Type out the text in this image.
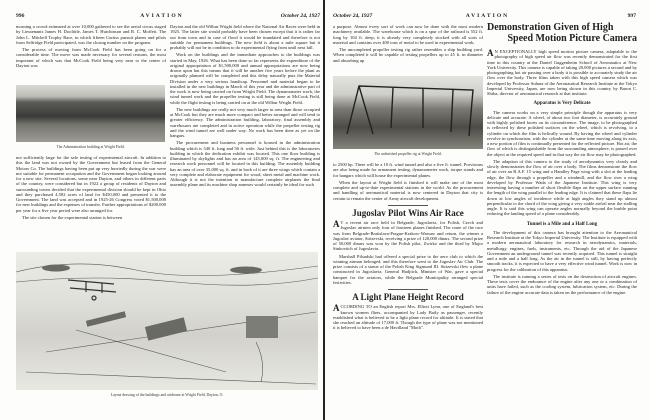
996	AVIATION	October 24, 1927

morning a crowd estimated at over 10,000 gathered to see the aerial circus staged by Lieutenants James H. Doolittle, James T. Hutchinson and R. C. Moffett. The John L. Mitchell Trophy Race, in which fifteen Curtiss pursuit planes and pilots from Selfridge Field participated, was the closing number on the program.

The process of moving from McCook Field has been going on for a considerable time. The move was made necessary for several reasons, the most important of which was that McCook Field being very near to the center of Dayton was

The Administration building at Wright Field.

not sufficiently large for the safe testing of experimental aircraft. In addition to this the land was not owned by the Government but leased from the General Motors Co. The buildings having been put up very hurriedly during the war were not suitable for permanent occupation and the Government began looking around for a new site. Several locations, some near Dayton, and others in different parts of the country, were considered but in 1922 a group of residents of Dayton and surrounding towns decided that the experimental division should be kept in Ohio and they purchased 4,582 acres of land for $450,000 and presented it to the Government. The land was accepted and in 1925-26 Congress voted $1,500,000 for new buildings and the expenses of transfer. Further appropriations of $200,000 per year for a five year period were also arranged for.

The site chosen for the experimental station is between

Dayton and the old Wilbur Wright field where the National Air Races were held in 1925. The latter site would probably have been chosen except that it is rather far out from town and in case of flood it would be inundated and therefore is not suitable for permanent buildings. The new field is about a mile square but it probably will not be in condition to do experimental flying from until next fall.

Work on the buildings and the immediate approaches to the buildings was started in May, 1926. What has been done so far represents the expenditure of the original appropriation of $1,500,000 and annual appropriations are now being drawn upon but this means that it will be another five years before the plant as originally planned will be completed and this delay naturally puts the Material Division under a very serious handicap. Personnel and material began to be installed in the new buildings in March of this year and the administrative part of the work is now being carried on from Wright Field. The dynamometer work, the wind tunnel work and the propeller testing is still being done at McCook Field, while the flight testing is being carried on at the old Wilbur Wright Field.

The new buildings are really not very much larger in area than those occupied at McCook but they are much more compact and better arranged and will tend to greater efficiency. The administration building, laboratory, final assembly and warehouses are completed and in active operation while the propeller testing rig and the wind tunnel are well under way. No work has been done as yet on the hangars.

The procurement and business personnel is housed in the administration building which is 540 ft. long and 56 ft. wide. Just behind this is the laboratories building in which the dedication exhibit was located. This one floor building is illuminated by skylights and has an area of 145,000 sq. ft. The engineering and research work personnel will be located in this building. The assembly building has an area of over 35,000 sq. ft. and in back of it are three wings which contain a very complete and elaborate equipment for wood, sheet metal and machine work. Although it is not the intention to manufacture complete airplanes the final assembly plane and its machine shop annexes would certainly be ideal for such

Layout drawing of the buildings and airdrome at Wright Field, Dayton, O.
October 24, 1927	AVIATION	997

a purpose. Almost every sort of work can now be done with the most modern machinery available. The warehouse which is on a spur of the railroad is 552 ft. long by 104 ft. deep; it is already very completely stocked with all sorts of material and contains over 400 tons of metal to be used in experimental work.

The uncompleted propeller testing rig rather resembles a ship building yard. When completed it will be capable of testing propellers up to 45 ft. in diameter and absorbing up

The unfinished propeller rig at Wright Field.

to 2500 hp. There will be a 10 ft. wind tunnel and also a five ft. tunnel. Provisions are also being made for armament testing, dynamometer work, torque stands and for hangars which will house the experimental planes.

When the layout at Wright field is finished it will make one of the most complete and up-to-date experimental stations in the world. As the procurement and handling of aeronautical material is now centered in Dayton that city is certain to remain the center of Army aircraft development.

Jugoslav Pilot Wins Air Race

A T a recent air race held in Belgrade, Jugoslavia, for Polish, Czech and Jugoslav airmen only four of fourteen planes finished. The route of the race was from Belgrade-Bratislava-Prague-Krakow-Warsaw and return, the winner a Jugoslav aviator, Strizevski, receiving a prize of 120,000 dinars. The second prize of 50,000 dinars was won by the Polish pilot, Zwirko and the third by Major Sinkovitch of Jugoslavia.

Marshall Pilsudski had offered a special prize to the aero club to which the winning airman belonged, and this therefore went to the Jugoslav Air Club. The prize consists of a statue of the Polish King Sigmund III. Strizevski flew a plane constructed in Jugoslavia. General Hadjitch, Minister of War, gave a special banquet for the aviators, while the Belgrade Municipality arranged special festivities.

A Light Plane Height Record

ACCORDING TO an English report Mrs. Elliott Lynn, one of England's best known women fliers, accompanied by Lady Baily as passenger, recently established what is believed to be a light plane record for altitude. It is stated that she reached an altitude of 17,000 ft. Though the type of plane was not mentioned it is believed to have been a de Havilland "Moth".

Demonstration Given of High
Speed Motion Picture Camera

A N EXCEPTIONALLY high speed motion picture camera, adaptable to the photography of high speed air flow was recently demonstrated for the first time in this country at the Daniel Guggenheim School of Aeronautics at New York University. This camera is capable of taking 20,000 pictures a second and by photographing hot air passing over a body it is possible to accurately study the air flow over the body. Three films taken with this high speed camera which was developed by Professor Suhara of the Aeronautical Research Institute at the Tokyo Imperial University, Japan, are now being shown in this country by Baron C. Shiba, director of aeronautical research at that institute.

Apparatus is Very Delicate

The camera works on a very simple principle though the apparatus is very delicate and accurate. A wheel, of about two foot diameter, is accurately ground with highly polished facets on its circumference. The image, to be photographed is reflected by these polished surfaces on the wheel, which is revolving, to a cylinder on which the film is helically wound. By having the wheel and cylinder revolve in synchronism, with the cylinder at the same time moving along its axis, a new portion of film is continually presented for the reflected picture. Hot air, the flow of which is distinguishable from the surrounding atmosphere, is passed over the object at the required speed and in that way the air flow may be photographed.

The adaption of this camera to the study of aerodynamics very clearly and slowly demonstrates the flow of air over a body. The films demonstrate the flow of air over an R.A.F. 15 wing and a Handley Page wing with a slot at the leading edge, the flow through a propeller and a windmill, and the flow over a wing developed by Professor Wada of the Japanese Institute. This wing is very interesting having a number of short flexible flaps on the upper surface running the length of the wing parallel to the leading edge. It is claimed that these flaps lie down at low angles of incidence while at high angles they stand up almost perpendicular to the chord of the wing giving a very stable airfoil near the stalling angle. It is said this wing can operate angles normally beyond the burble point reducing the landing speed of a plane considerably.

Tunnel is a Mile and a Half Long

The development of this camera has brought attention to the Aeronautical Research Institute at the Tokyo Imperial University. The Institute is equipped with a modern aeronautical laboratory for research in aerodynamics, materials, metallurgy, engines, fuels, instruments, etc. Through the aid of the Japanese Government an underground tunnel was recently acquired. This tunnel is straight and a mile and a half long. As the air in the tunnel is still, by having perfectly smooth tracks, it is expected to have a very effective wind tunnel. Work is now in progress for the calibration of this apparatus.

The institute is running a series of tests on the destruction of aircraft engines. These tests cover the endurance of the engine after any one or a combination of units have failed, such as the cooling system, lubrication system, etc. During the failure of the engine accurate data is taken on the performance of the engine.
